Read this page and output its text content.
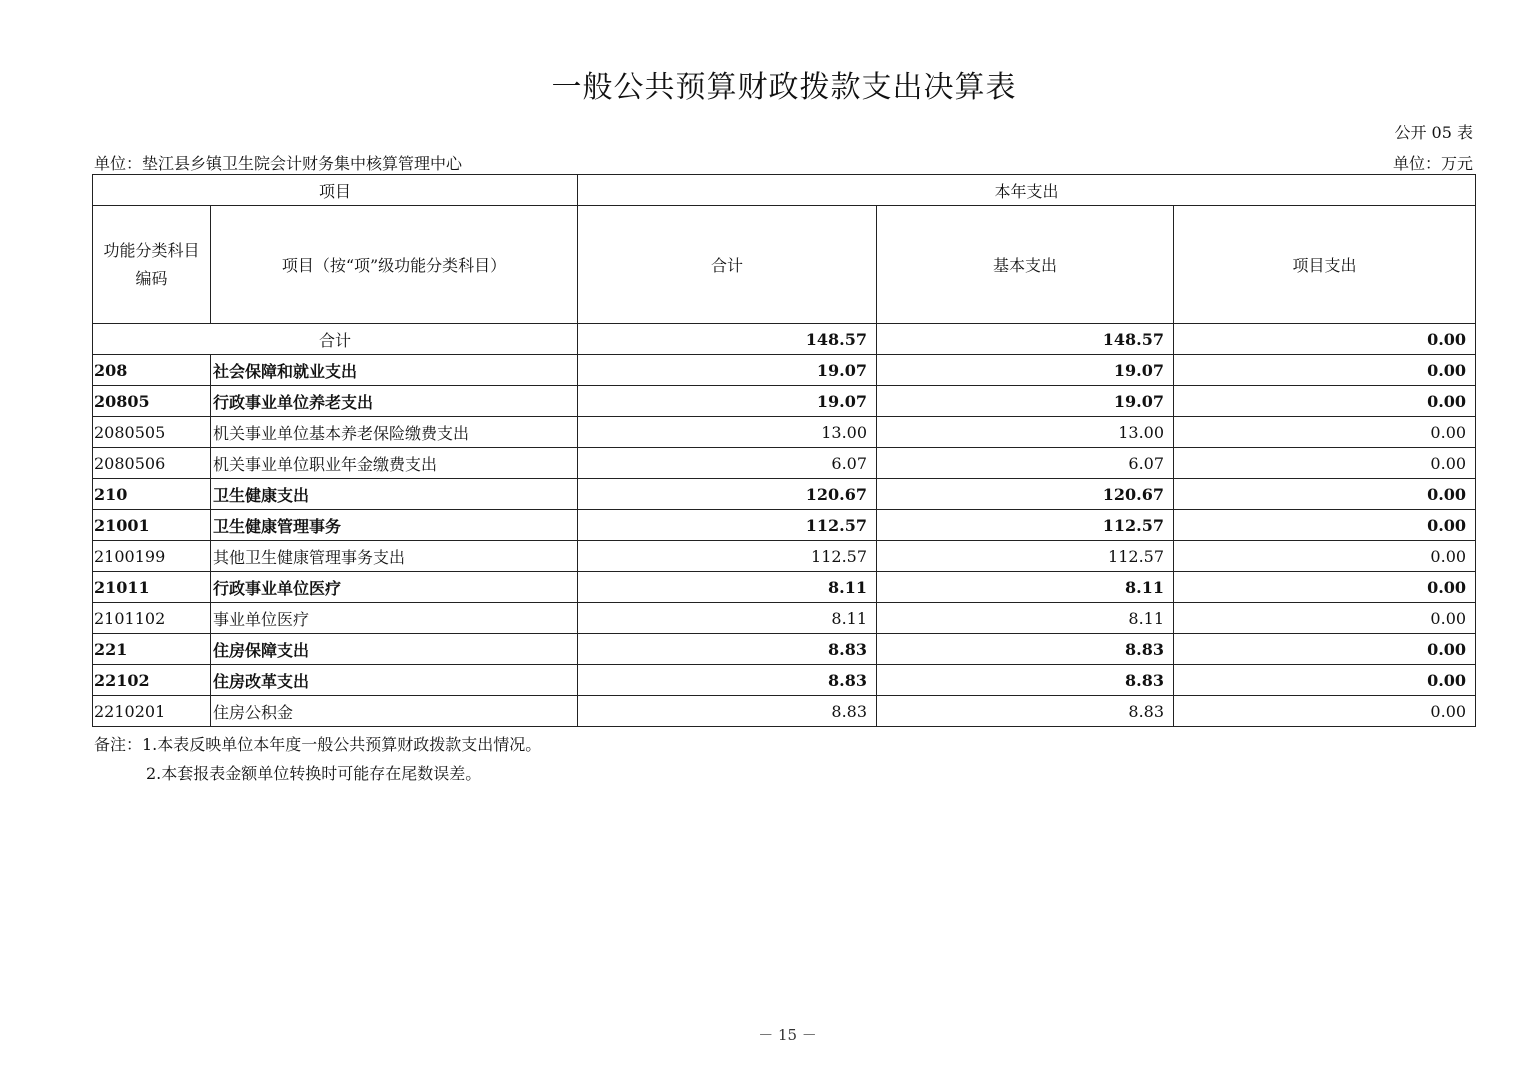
一般公共预算财政拨款支出决算表
公开 05 表
单位：垫江县乡镇卫生院会计财务集中核算管理中心	单位：万元
项目		本年支出		
功能分类科目编码	项目（按“项”级功能分类科目）	合计	基本支出	项目支出
合计		148.57	148.57	0.00
208	社会保障和就业支出	19.07	19.07	0.00
20805	行政事业单位养老支出	19.07	19.07	0.00
2080505	机关事业单位基本养老保险缴费支出	13.00	13.00	0.00
2080506	机关事业单位职业年金缴费支出	6.07	6.07	0.00
210	卫生健康支出	120.67	120.67	0.00
21001	卫生健康管理事务	112.57	112.57	0.00
2100199	其他卫生健康管理事务支出	112.57	112.57	0.00
21011	行政事业单位医疗	8.11	8.11	0.00
2101102	事业单位医疗	8.11	8.11	0.00
221	住房保障支出	8.83	8.83	0.00
22102	住房改革支出	8.83	8.83	0.00
2210201	住房公积金	8.83	8.83	0.00
备注：1.本表反映单位本年度一般公共预算财政拨款支出情况。
2.本套报表金额单位转换时可能存在尾数误差。
－ 15 －
